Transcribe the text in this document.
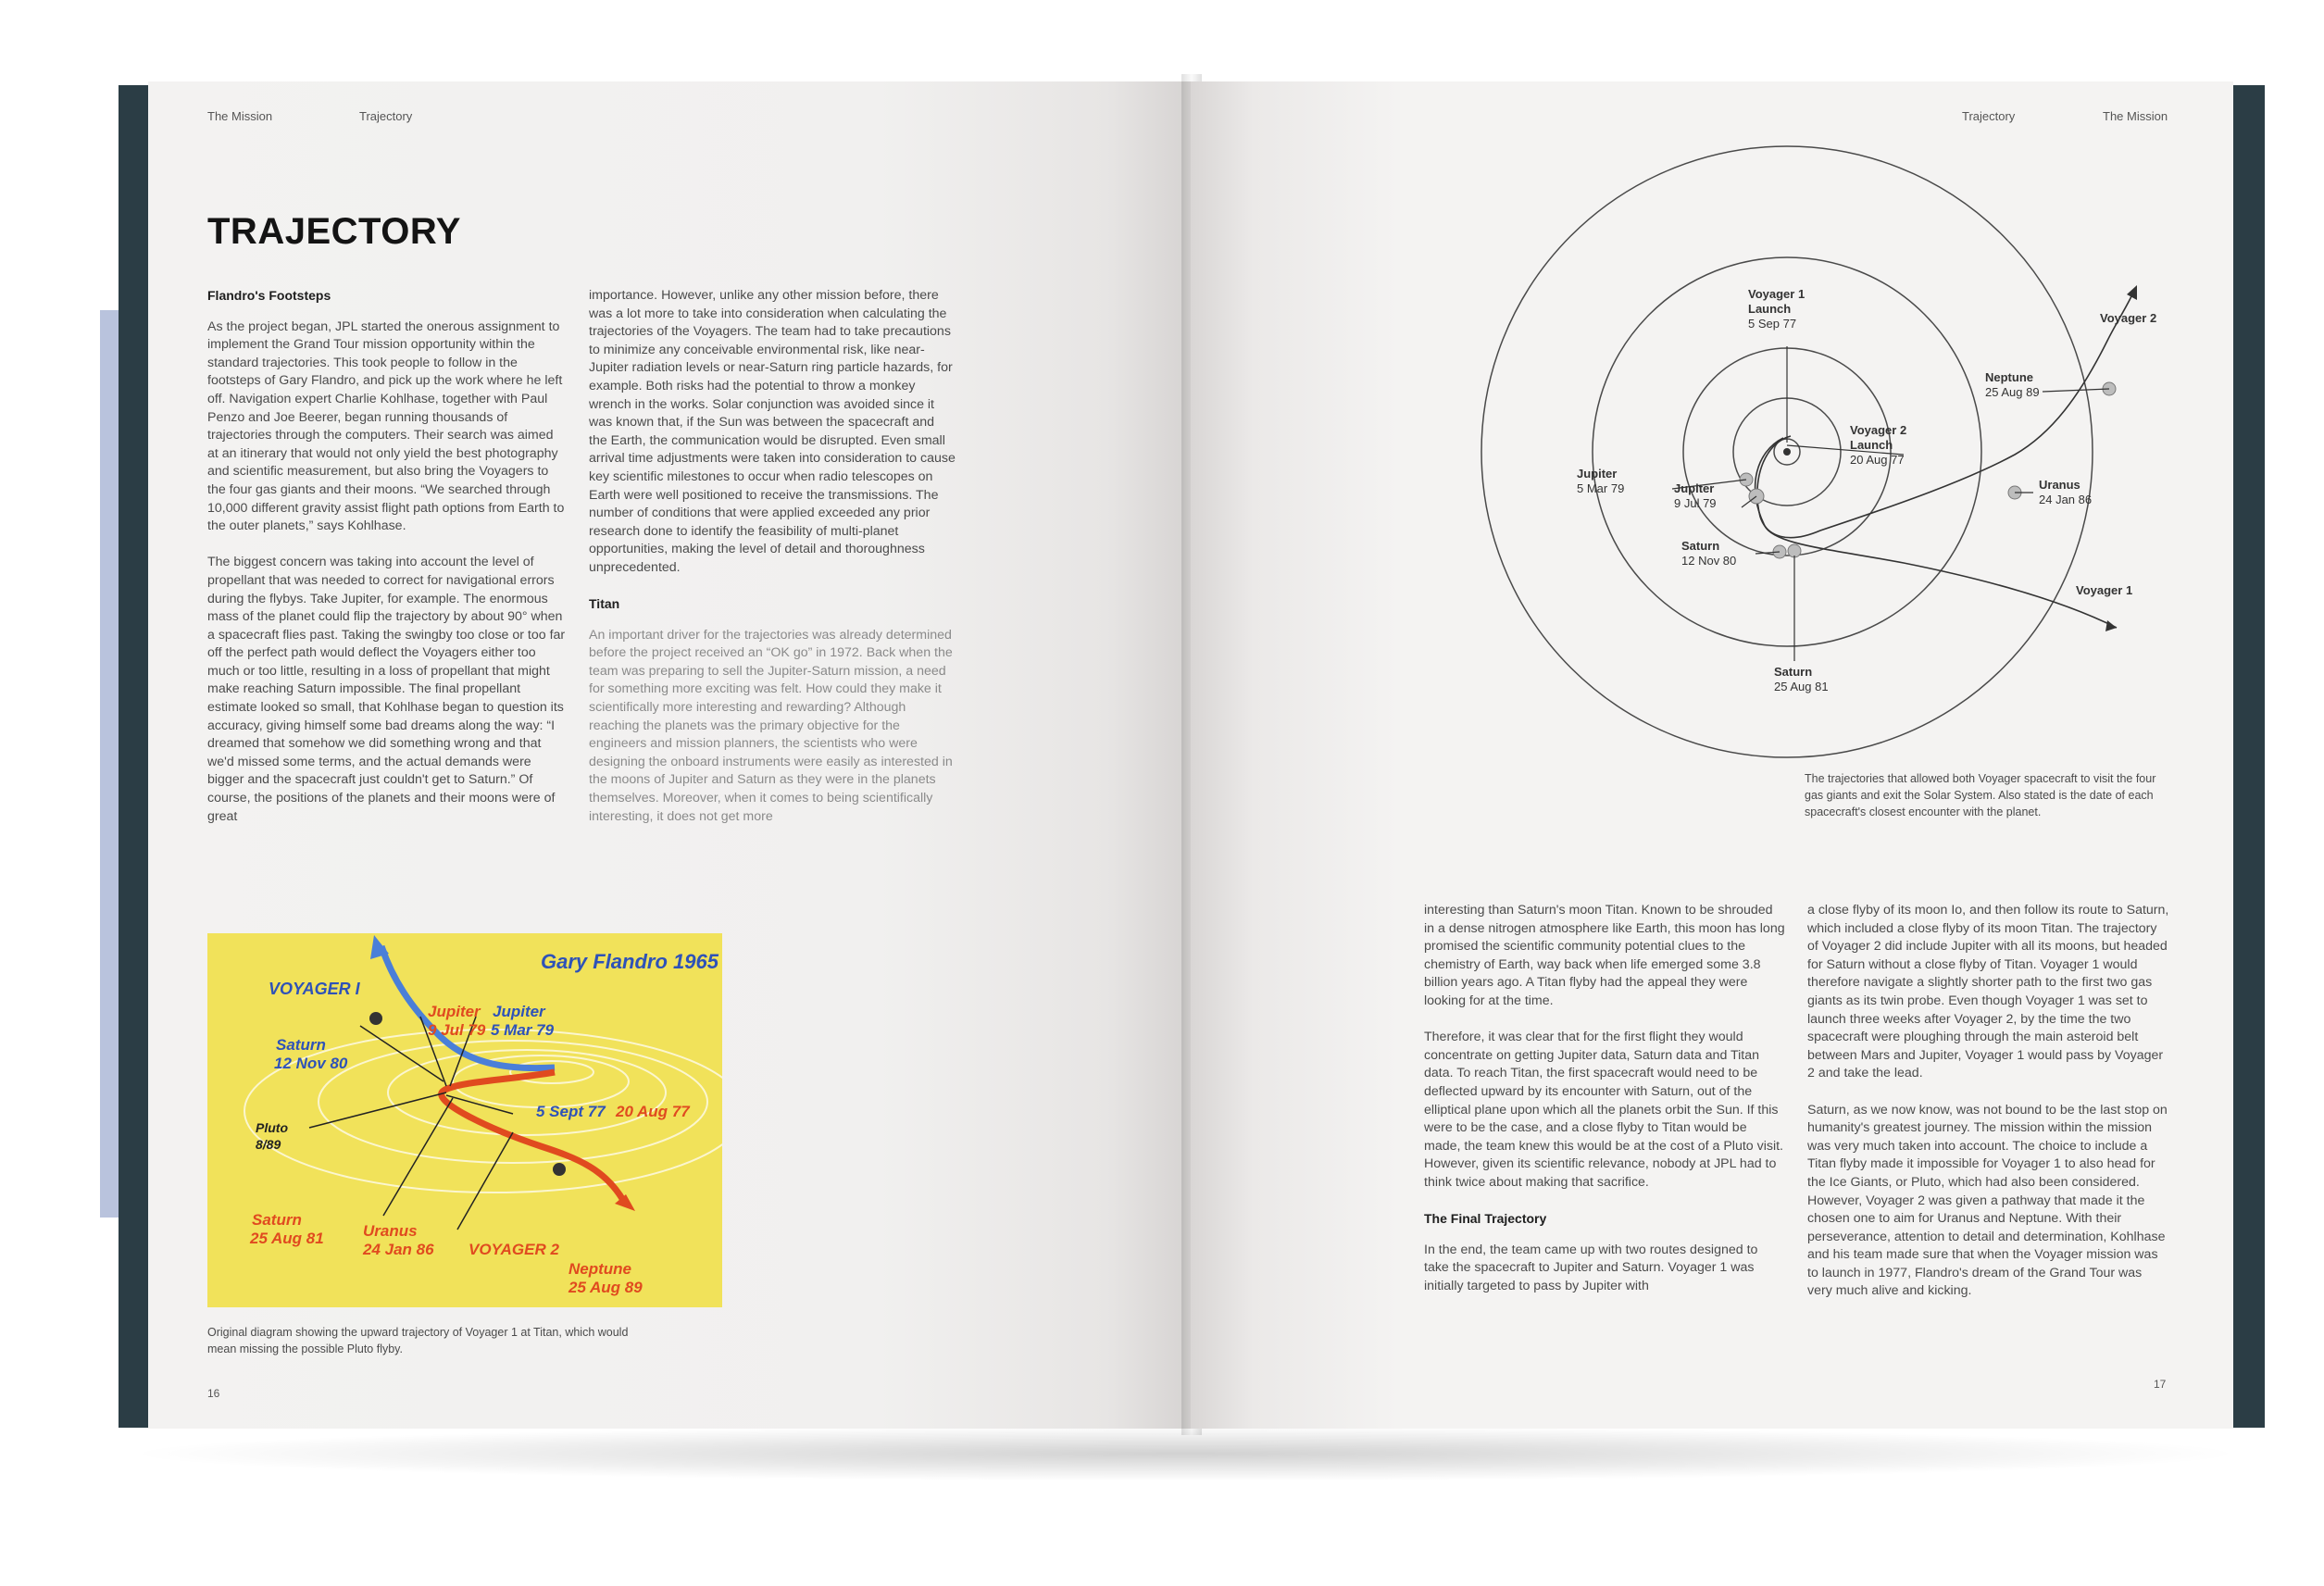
The Mission	Trajectory
TRAJECTORY
Flandro's Footsteps

As the project began, JPL started the onerous assignment to implement the Grand Tour mission opportunity within the standard trajectories. This took people to follow in the footsteps of Gary Flandro, and pick up the work where he left off. Navigation expert Charlie Kohlhase, together with Paul Penzo and Joe Beerer, began running thousands of trajectories through the computers. Their search was aimed at an itinerary that would not only yield the best photography and scientific measurement, but also bring the Voyagers to the four gas giants and their moons. “We searched through 10,000 different gravity assist flight path options from Earth to the outer planets,” says Kohlhase.

The biggest concern was taking into account the level of propellant that was needed to correct for navigational errors during the flybys. Take Jupiter, for example. The enormous mass of the planet could flip the trajectory by about 90° when a spacecraft flies past. Taking the swingby too close or too far off the perfect path would deflect the Voyagers either too much or too little, resulting in a loss of propellant that might make reaching Saturn impossible. The final propellant estimate looked so small, that Kohlhase began to question its accuracy, giving himself some bad dreams along the way: “I dreamed that somehow we did something wrong and that we'd missed some terms, and the actual demands were bigger and the spacecraft just couldn't get to Saturn.” Of course, the positions of the planets and their moons were of great

importance. However, unlike any other mission before, there was a lot more to take into consideration when calculating the trajectories of the Voyagers. The team had to take precautions to minimize any conceivable environmental risk, like near-Jupiter radiation levels or near-Saturn ring particle hazards, for example. Both risks had the potential to throw a monkey wrench in the works. Solar conjunction was avoided since it was known that, if the Sun was between the spacecraft and the Earth, the communication would be disrupted. Even small arrival time adjustments were taken into consideration to cause key scientific milestones to occur when radio telescopes on Earth were well positioned to receive the transmissions. The number of conditions that were applied exceeded any prior research done to identify the feasibility of multi-planet opportunities, making the level of detail and thoroughness unprecedented.

Titan

An important driver for the trajectories was already determined before the project received an “OK go” in 1972. Back when the team was preparing to sell the Jupiter-Saturn mission, a need for something more exciting was felt. How could they make it scientifically more interesting and rewarding? Although reaching the planets was the primary objective for the engineers and mission planners, the scientists who were designing the onboard instruments were easily as interested in the moons of Jupiter and Saturn as they were in the planets themselves. Moreover, when it comes to being scientifically interesting, it does not get more

Gary Flandro 1965
VOYAGER I
Jupiter
9 Jul 79
Jupiter
5 Mar 79
Saturn
12 Nov 80
5 Sept 77 20 Aug 77
Pluto
8/89
Saturn
25 Aug 81 Uranus
24 Jan 86 VOYAGER 2
Neptune
25 Aug 89
Original diagram showing the upward trajectory of Voyager 1 at Titan, which would mean missing the possible Pluto flyby.
16
Trajectory	The Mission
Voyager 1
Launch
5 Sep 77
Voyager 2
Launch
20 Aug 77
Jupiter
5 Mar 79	Jupiter
9 Jul 79
Saturn
12 Nov 80
Saturn
25 Aug 81
Uranus
24 Jan 86
Neptune
25 Aug 89
Voyager 2
Voyager 1
The trajectories that allowed both Voyager spacecraft to visit the four gas giants and exit the Solar System. Also stated is the date of each spacecraft's closest encounter with the planet.

interesting than Saturn's moon Titan. Known to be shrouded in a dense nitrogen atmosphere like Earth, this moon has long promised the scientific community potential clues to the chemistry of Earth, way back when life emerged some 3.8 billion years ago. A Titan flyby had the appeal they were looking for at the time.

Therefore, it was clear that for the first flight they would concentrate on getting Jupiter data, Saturn data and Titan data. To reach Titan, the first spacecraft would need to be deflected upward by its encounter with Saturn, out of the elliptical plane upon which all the planets orbit the Sun. If this were to be the case, and a close flyby to Titan would be made, the team knew this would be at the cost of a Pluto visit. However, given its scientific relevance, nobody at JPL had to think twice about making that sacrifice.

The Final Trajectory

In the end, the team came up with two routes designed to take the spacecraft to Jupiter and Saturn. Voyager 1 was initially targeted to pass by Jupiter with

a close flyby of its moon Io, and then follow its route to Saturn, which included a close flyby of its moon Titan. The trajectory of Voyager 2 did include Jupiter with all its moons, but headed for Saturn without a close flyby of Titan. Voyager 1 would therefore navigate a slightly shorter path to the first two gas giants as its twin probe. Even though Voyager 1 was set to launch three weeks after Voyager 2, by the time the two spacecraft were ploughing through the main asteroid belt between Mars and Jupiter, Voyager 1 would pass by Voyager 2 and take the lead.

Saturn, as we now know, was not bound to be the last stop on humanity's greatest journey. The mission within the mission was very much taken into account. The choice to include a Titan flyby made it impossible for Voyager 1 to also head for the Ice Giants, or Pluto, which had also been considered. However, Voyager 2 was given a pathway that made it the chosen one to aim for Uranus and Neptune. With their perseverance, attention to detail and determination, Kohlhase and his team made sure that when the Voyager mission was to launch in 1977, Flandro's dream of the Grand Tour was very much alive and kicking.

17
